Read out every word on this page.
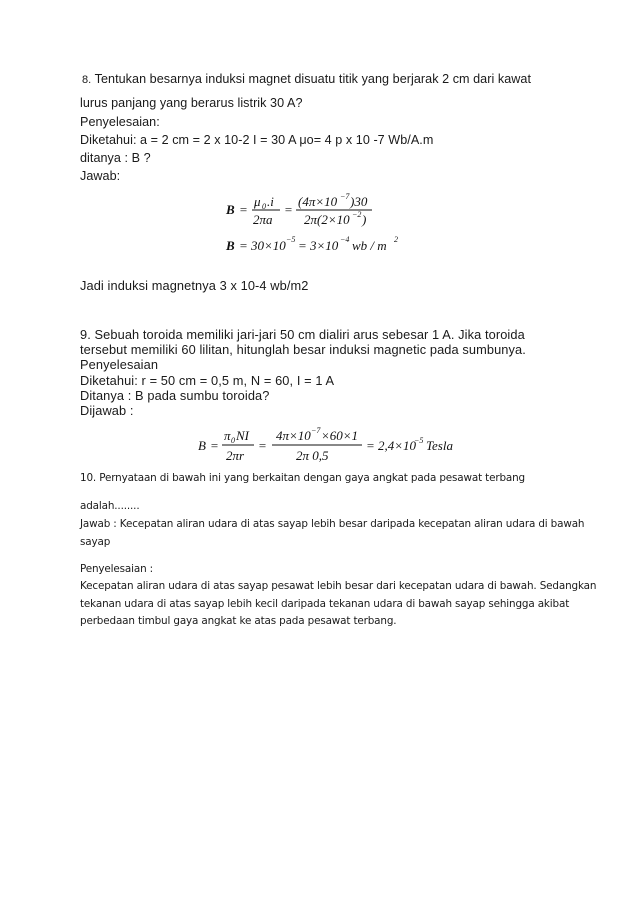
8. Tentukan besarnya induksi magnet disuatu titik yang berjarak 2 cm dari kawat
lurus panjang yang berarus listrik 30 A?
Penyelesaian:
Diketahui: a = 2 cm = 2 x 10-2 I = 30 A μo= 4 p x 10 -7 Wb/A.m
ditanya : B ?
Jawab:
B =
μ 0 .i
2πa
=
(4π×10 −7 )30
2π(2×10 −2 )
B = 30×10 −5 = 3×10 −4 wb / m 2
Jadi induksi magnetnya 3 x 10-4 wb/m2
9. Sebuah toroida memiliki jari-jari 50 cm dialiri arus sebesar 1 A. Jika toroida
tersebut memiliki 60 lilitan, hitunglah besar induksi magnetic pada sumbunya.
Penyelesaian
Diketahui: r = 50 cm = 0,5 m, N = 60, I = 1 A
Ditanya : B pada sumbu toroida?
Dijawab :
B =
π 0 NI
2πr
=
4π×10 −7 ×60×1
2π 0,5
= 2,4×10
−5 Tesla
10. Pernyataan di bawah ini yang berkaitan dengan gaya angkat pada pesawat terbang
adalah........
Jawab : Kecepatan aliran udara di atas sayap lebih besar daripada kecepatan aliran udara di bawah
sayap
Penyelesaian :
Kecepatan aliran udara di atas sayap pesawat lebih besar dari kecepatan udara di bawah. Sedangkan
tekanan udara di atas sayap lebih kecil daripada tekanan udara di bawah sayap sehingga akibat
perbedaan timbul gaya angkat ke atas pada pesawat terbang.
